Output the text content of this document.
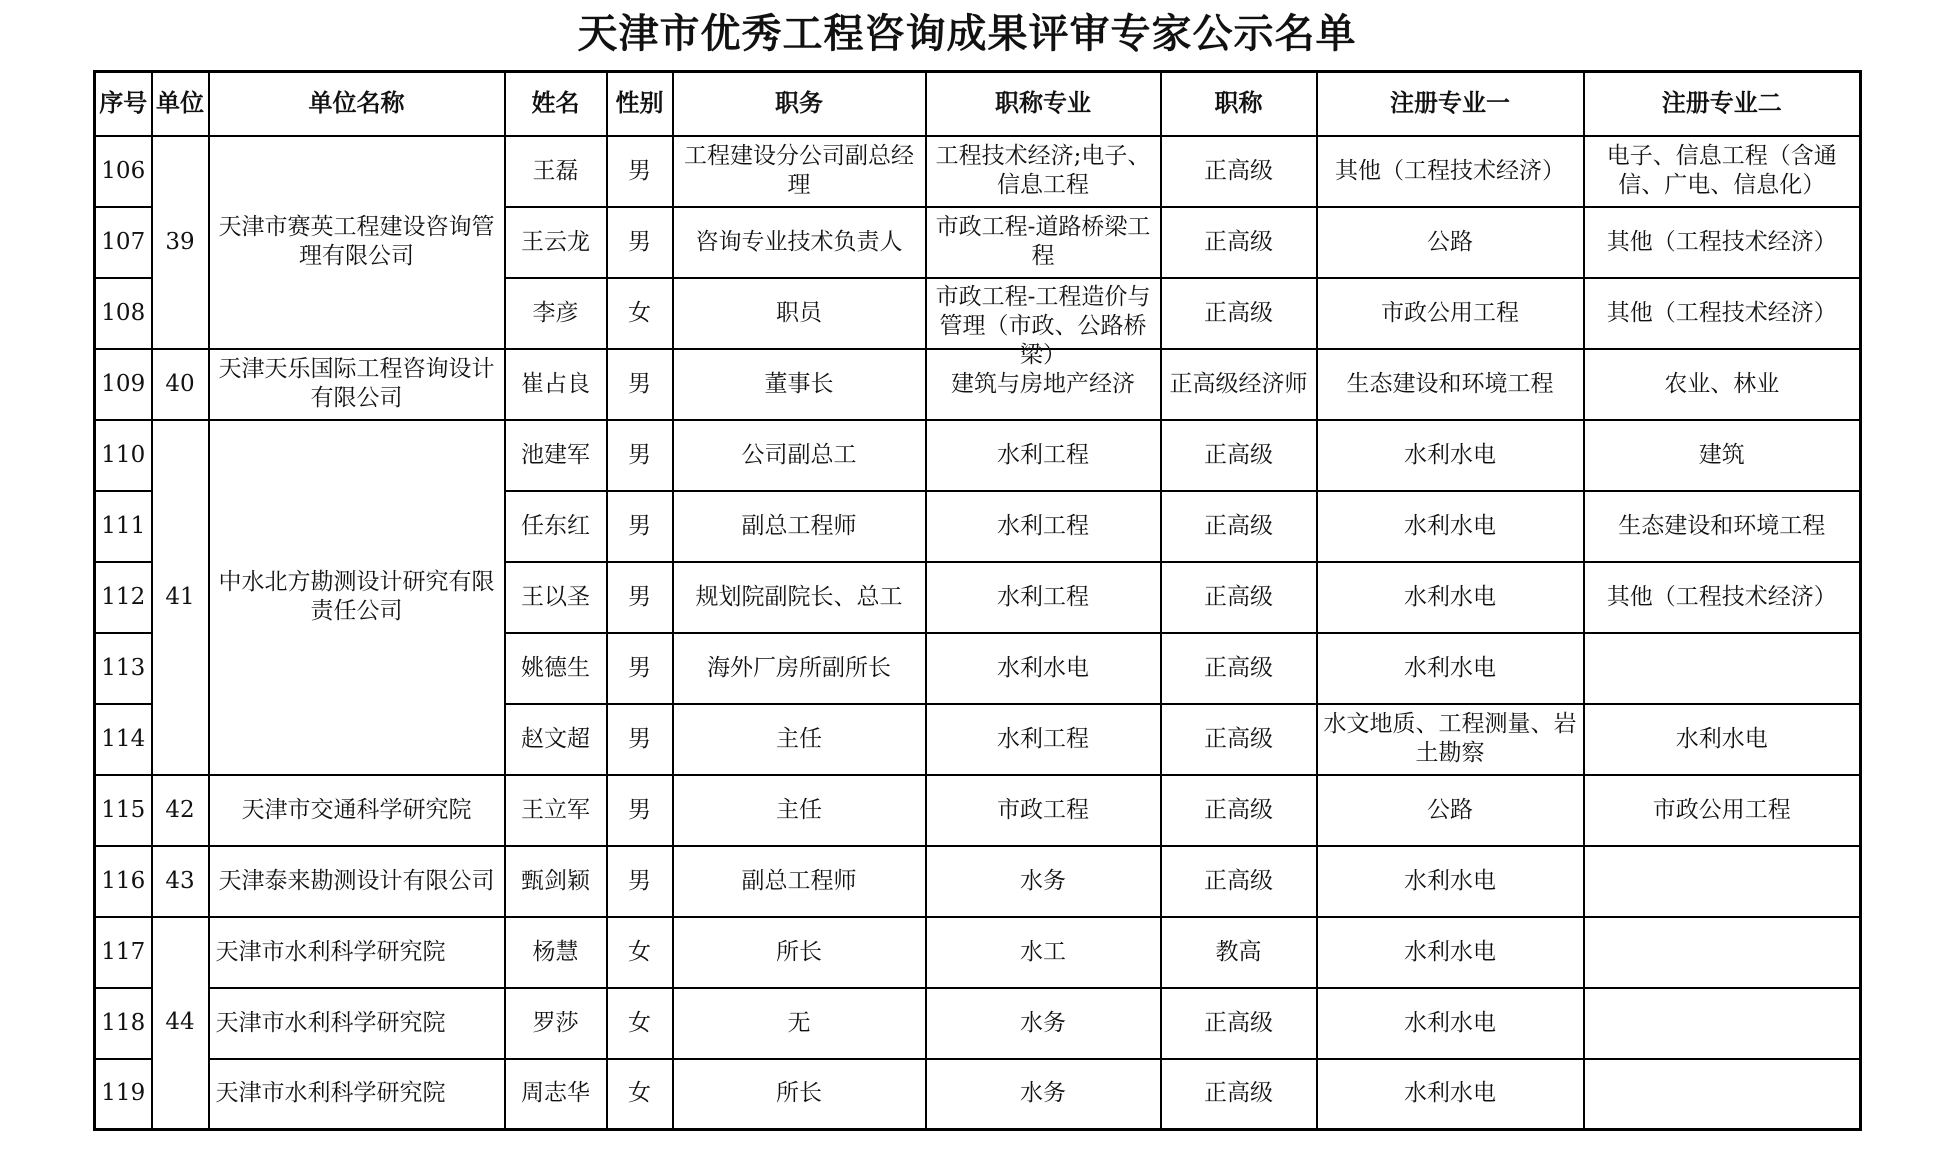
天津市优秀工程咨询成果评审专家公示名单
序号	单位	单位名称	姓名	性别	职务	职称专业	职称	注册专业一	注册专业二
106	39	天津市赛英工程建设咨询管理有限公司	王磊	男	工程建设分公司副总经理	工程技术经济;电子、信息工程	正高级	其他（工程技术经济）	电子、信息工程（含通信、广电、信息化）
107			王云龙	男	咨询专业技术负责人	市政工程-道路桥梁工程	正高级	公路	其他（工程技术经济）
108			李彦	女	职员	市政工程-工程造价与管理（市政、公路桥梁）	正高级	市政公用工程	其他（工程技术经济）
109	40	天津天乐国际工程咨询设计有限公司	崔占良	男	董事长	建筑与房地产经济	正高级经济师	生态建设和环境工程	农业、林业
110	41	中水北方勘测设计研究有限责任公司	池建军	男	公司副总工	水利工程	正高级	水利水电	建筑
111			任东红	男	副总工程师	水利工程	正高级	水利水电	生态建设和环境工程
112			王以圣	男	规划院副院长、总工	水利工程	正高级	水利水电	其他（工程技术经济）
113			姚德生	男	海外厂房所副所长	水利水电	正高级	水利水电	
114			赵文超	男	主任	水利工程	正高级	水文地质、工程测量、岩土勘察	水利水电
115	42	天津市交通科学研究院	王立军	男	主任	市政工程	正高级	公路	市政公用工程
116	43	天津泰来勘测设计有限公司	甄剑颖	男	副总工程师	水务	正高级	水利水电	
117	44	天津市水利科学研究院	杨慧	女	所长	水工	教高	水利水电	
118		天津市水利科学研究院	罗莎	女	无	水务	正高级	水利水电	
119		天津市水利科学研究院	周志华	女	所长	水务	正高级	水利水电	
